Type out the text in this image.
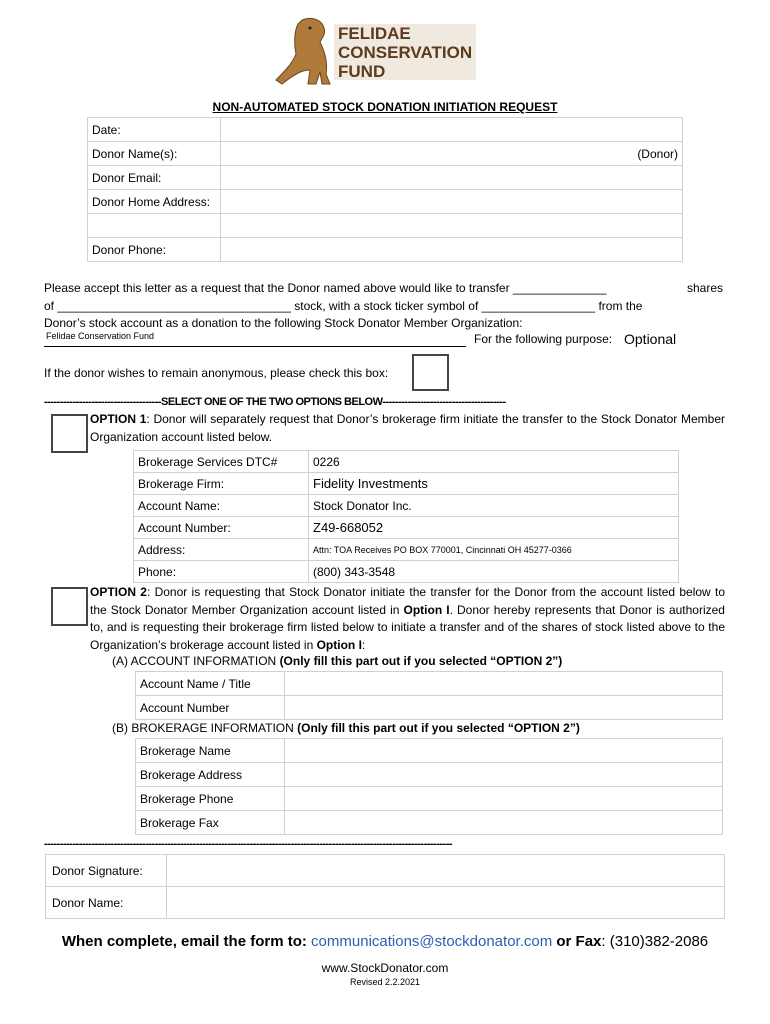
FELIDAE
CONSERVATION
FUND
NON-AUTOMATED STOCK DONATION INITIATION REQUEST
Date:	
Donor Name(s):	(Donor)
Donor Email:	
Donor Home Address:	

Donor Phone:	
Please accept this letter as a request that the Donor named above would like to transfer ______________	shares
of ___________________________________ stock, with a stock ticker symbol of _________________ from the
Donor’s stock account as a donation to the following Stock Donator Member Organization:
Felidae Conservation Fund	For the following purpose: Optional
If the donor wishes to remain anonymous, please check this box:
-------------------------------------SELECT ONE OF THE TWO OPTIONS BELOW---------------------------------------
OPTION 1: Donor will separately request that Donor’s brokerage firm initiate the transfer to the Stock Donator Member Organization account listed below.
Brokerage Services DTC#	0226
Brokerage Firm:	Fidelity Investments
Account Name:	Stock Donator Inc.
Account Number:	Z49-668052
Address:	Attn: TOA Receives PO BOX 770001, Cincinnati OH 45277-0366
Phone:	(800) 343-3548
OPTION 2: Donor is requesting that Stock Donator initiate the transfer for the Donor from the account listed below to the Stock Donator Member Organization account listed in Option I. Donor hereby represents that Donor is authorized to, and is requesting their brokerage firm listed below to initiate a transfer and of the shares of stock listed above to the Organization’s brokerage account listed in Option I:
(A) ACCOUNT INFORMATION (Only fill this part out if you selected “OPTION 2”)
Account Name / Title	
Account Number	
(B) BROKERAGE INFORMATION (Only fill this part out if you selected “OPTION 2”)
Brokerage Name	
Brokerage Address	
Brokerage Phone	
Brokerage Fax	
---------------------------------------------------------------------------------------------------------------------------------
Donor Signature:	
Donor Name:	
When complete, email the form to: communications@stockdonator.com or Fax: (310)382-2086
www.StockDonator.com
Revised 2.2.2021
